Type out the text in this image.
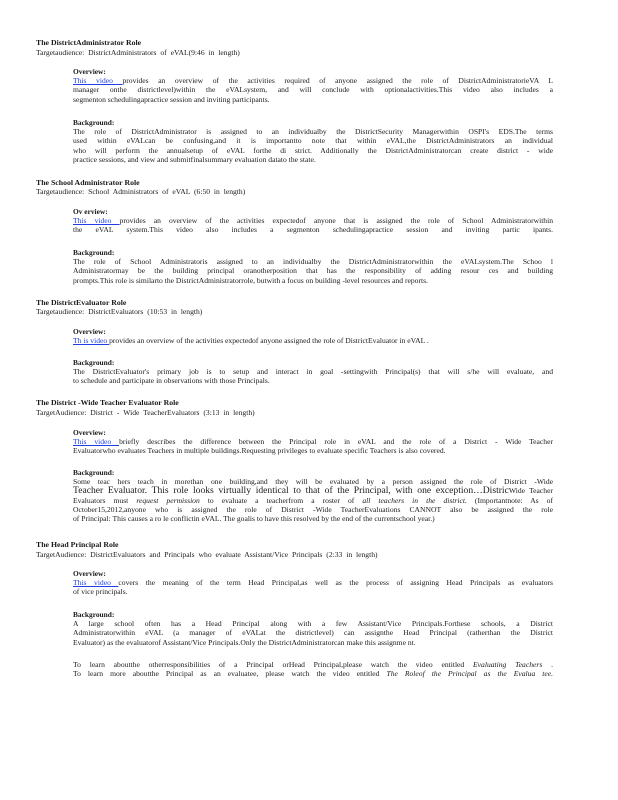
The DistrictAdministrator Role
Targetaudience: DistrictAdministrators of eVAL(9:46 in length)
Overview:
This video provides an overview of the activities required of anyone assigned the role of DistrictAdministratorieVA L
manager onthe districtlevel)within the eVALsystem, and will conclude with optionalactivities.This video also includes a
segmenton schedulingapractice session and inviting participants.
Background:
The role of DistrictAdministrator is assigned to an individualby the DistrictSecurity Managerwithin OSPI's EDS.The terms
used within eVALcan be confusing,and it is importantto note that within eVAL,the DistrictAdministrators an individual
who will perform the annualsetup of eVAL forthe di strict. Additionally the DistrictAdministratorcan create district - wide
practice sessions, and view and submitfinalsummary evaluation datato the state.
The School Administrator Role
Targetaudience: School Administrators of eVAL (6:50 in length)
Ov erview:
This video provides an overview of the activities expectedof anyone that is assigned the role of School Administratorwithin
the eVAL system.This video also includes a segmenton schedulingapractice session and inviting partic ipants.
Background:
The role of School Administratoris assigned to an individualby the DistrictAdministratorwithin the eVALsystem.The Schoo l
Administratormay be the building principal oranotherposition that has the responsibility of adding resour ces and building
prompts.This role is similarto the DistrictAdministratorrole, butwith a focus on building -level resources and reports.
The DistrictEvaluator Role
Targetaudience: DistrictEvaluators (10:53 in length)
Overview:
Th is video provides an overview of the activities expectedof anyone assigned the role of DistrictEvaluator in eVAL .
Background:
The DistrictEvaluator's primary job is to setup and interact in goal -settingwith Principal(s) that will s/he will evaluate, and
to schedule and participate in observations with those Principals.
The District -Wide Teacher Evaluator Role
TargetAudience: District - Wide TeacherEvaluators (3:13 in length)
Overview:
This video briefly describes the difference between the Principal role in eVAL and the role of a District - Wide Teacher
Evaluatorwho evaluates Teachers in multiple buildings.Requesting privileges to evaluate specific Teachers is also covered.
Background:
Some teac hers teach in morethan one building,and they will be evaluated by a person assigned the role of District -Wide
Teacher Evaluator. This role looks virtually identical to that of the Principal, with one exception…DistricWide Teacher
Evaluators must request permission to evaluate a teacherfrom a roster of all teachers in the district. (Importantnote: As of
October15,2012,anyone who is assigned the role of District -Wide TeacherEvaluations CANNOT also be assigned the role
of Principal: This causes a ro le conflictin eVAL. The goalis to have this resolved by the end of the currentschool year.)
The Head Principal Role
TargetAudience: DistrictEvaluators and Principals who evaluate Assistant/Vice Principals (2:33 in length)
Overview:
This video covers the meaning of the term Head Principal,as well as the process of assigning Head Principals as evaluators
of vice principals.
Background:
A large school often has a Head Principal along with a few Assistant/Vice Principals.Forthese schools, a District
Administratorwithin eVAL (a manager of eVALat the districtlevel) can assignthe Head Principal (ratherthan the District
Evaluator) as the evaluatorof Assistant/Vice Principals.Only the DistrictAdministratorcan make this assignme nt.
To learn aboutthe otherresponsibilities of a Principal orHead Principal,please watch the video entitled Evaluating Teachers .
To learn more aboutthe Principal as an evaluatee, please watch the video entitled The Roleof the Principal as the Evalua tee.
